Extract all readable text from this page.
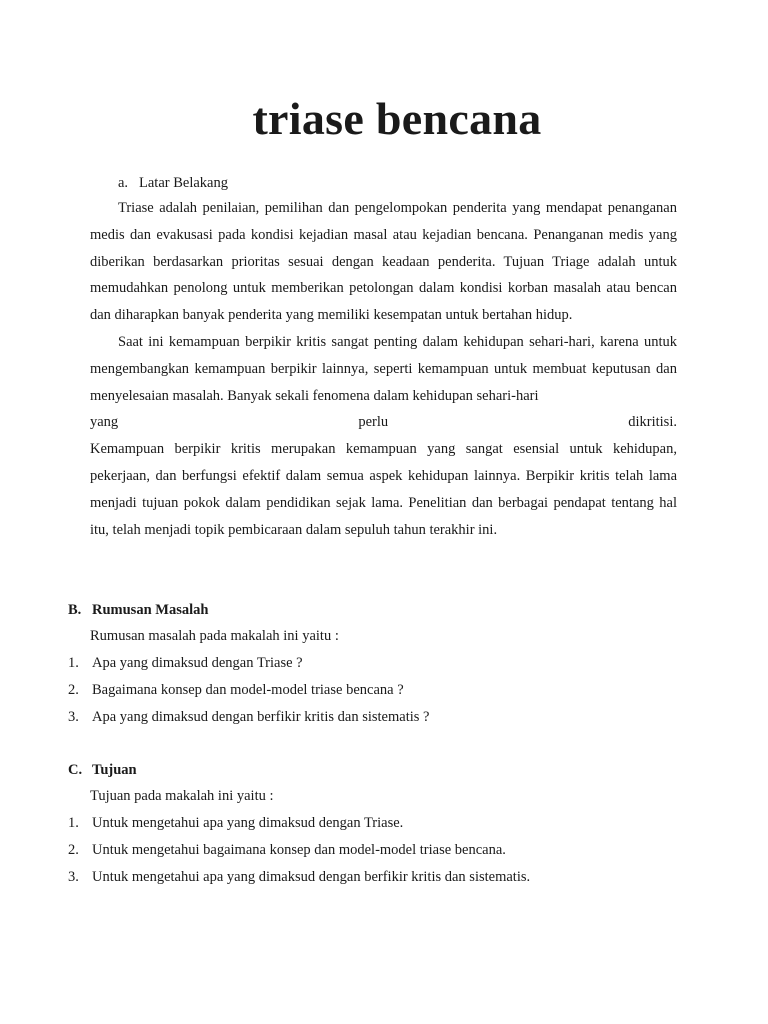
triase bencana
a. Latar Belakang

Triase adalah penilaian, pemilihan dan pengelompokan penderita yang mendapat penanganan medis dan evakusasi pada kondisi kejadian masal atau kejadian bencana. Penanganan medis yang diberikan berdasarkan prioritas sesuai dengan keadaan penderita. Tujuan Triage adalah untuk memudahkan penolong untuk memberikan petolongan dalam kondisi korban masalah atau bencan dan diharapkan banyak penderita yang memiliki kesempatan untuk bertahan hidup.

Saat ini kemampuan berpikir kritis sangat penting dalam kehidupan sehari-hari, karena untuk mengembangkan kemampuan berpikir lainnya, seperti kemampuan untuk membuat keputusan dan menyelesaian masalah. Banyak sekali fenomena dalam kehidupan sehari-hari

yang	perlu	dikritisi.

Kemampuan berpikir kritis merupakan kemampuan yang sangat esensial untuk kehidupan, pekerjaan, dan berfungsi efektif dalam semua aspek kehidupan lainnya. Berpikir kritis telah lama menjadi tujuan pokok dalam pendidikan sejak lama. Penelitian dan berbagai pendapat tentang hal itu, telah menjadi topik pembicaraan dalam sepuluh tahun terakhir ini.

B. Rumusan Masalah

Rumusan masalah pada makalah ini yaitu :

1. Apa yang dimaksud dengan Triase ?
2. Bagaimana konsep dan model-model triase bencana ?
3. Apa yang dimaksud dengan berfikir kritis dan sistematis ?
C. Tujuan

Tujuan pada makalah ini yaitu :

1. Untuk mengetahui apa yang dimaksud dengan Triase.
2. Untuk mengetahui bagaimana konsep dan model-model triase bencana.
3. Untuk mengetahui apa yang dimaksud dengan berfikir kritis dan sistematis.
